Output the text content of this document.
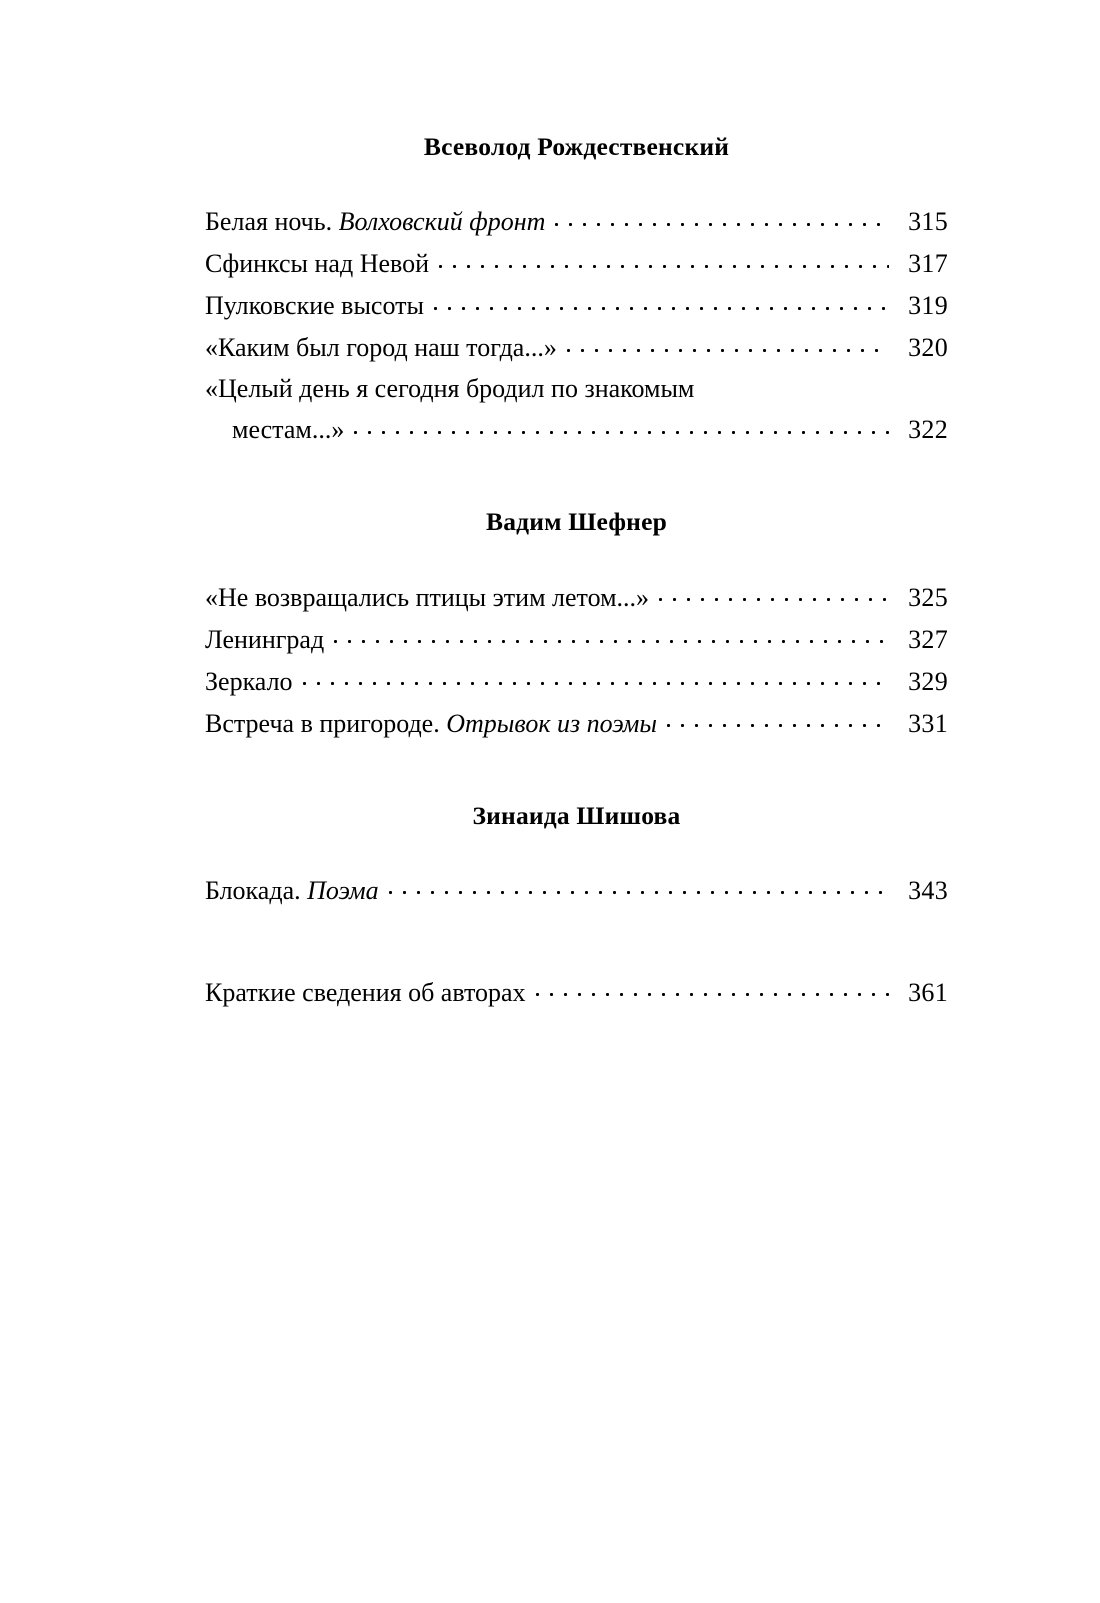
Всеволод Рождественский
Белая ночь. Волховский фронт	315
Сфинксы над Невой	317
Пулковские высоты	319
«Каким был город наш тогда...»	320
«Целый день я сегодня бродил по знакомым
местам...»	322
Вадим Шефнер
«Не возвращались птицы этим летом...»	325
Ленинград	327
Зеркало	329
Встреча в пригороде. Отрывок из поэмы	331
Зинаида Шишова
Блокада. Поэма	343
Краткие сведения об авторах	361
